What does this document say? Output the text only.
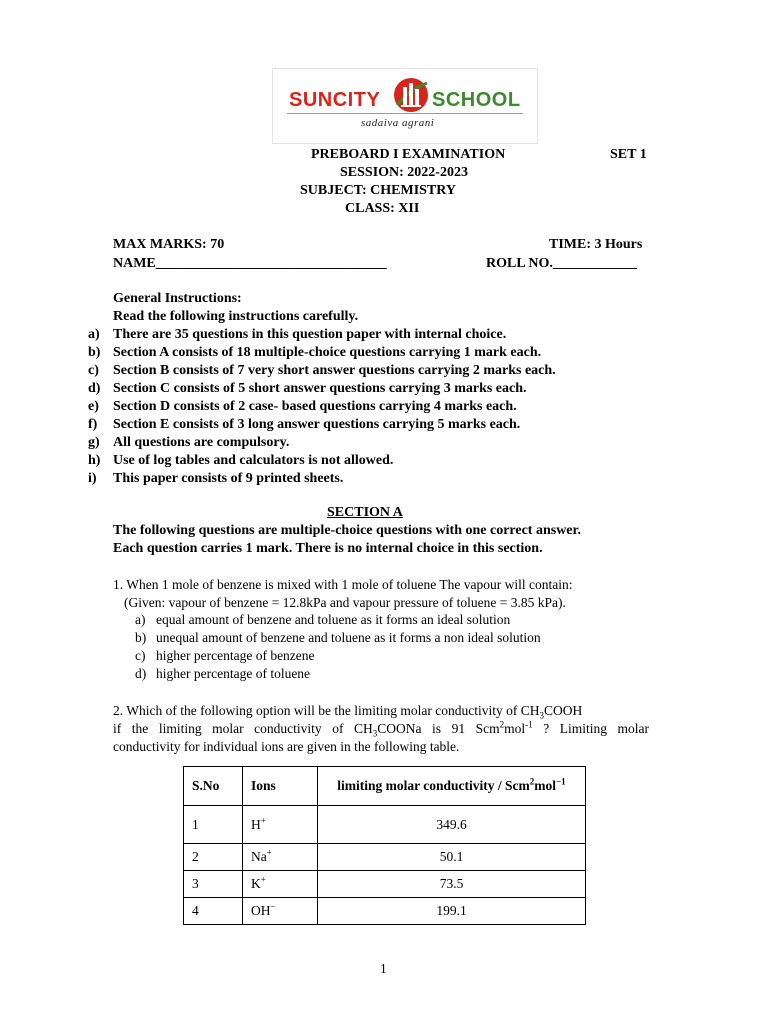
SUNCITY	SCHOOL
sadaiva agrani
PREBOARD I EXAMINATION	SET 1
SESSION: 2022-2023
SUBJECT: CHEMISTRY
CLASS: XII
MAX MARKS: 70	TIME: 3 Hours
NAME_________________________________	ROLL NO.____________
General Instructions:
Read the following instructions carefully.
a) There are 35 questions in this question paper with internal choice.
b) Section A consists of 18 multiple-choice questions carrying 1 mark each.
c) Section B consists of 7 very short answer questions carrying 2 marks each.
d) Section C consists of 5 short answer questions carrying 3 marks each.
e) Section D consists of 2 case- based questions carrying 4 marks each.
f) Section E consists of 3 long answer questions carrying 5 marks each.
g) All questions are compulsory.
h) Use of log tables and calculators is not allowed.
i) This paper consists of 9 printed sheets.
SECTION A
The following questions are multiple-choice questions with one correct answer.
Each question carries 1 mark. There is no internal choice in this section.
1. When 1 mole of benzene is mixed with 1 mole of toluene The vapour will contain:
(Given: vapour of benzene = 12.8kPa and vapour pressure of toluene = 3.85 kPa).
a) equal amount of benzene and toluene as it forms an ideal solution
b) unequal amount of benzene and toluene as it forms a non ideal solution
c) higher percentage of benzene
d) higher percentage of toluene
2. Which of the following option will be the limiting molar conductivity of $CH_3COOH$
if the limiting molar conductivity of $CH_3COONa$ is 91 Scm$^2$mol$^{-1}$ ? Limiting molar
conductivity for individual ions are given in the following table.
S.No	Ions	limiting molar conductivity / Scm$^2$mol$^{-1}$
1	H+	349.6
2	Na+	50.1
3	K+	73.5
4	OH−	199.1
1
